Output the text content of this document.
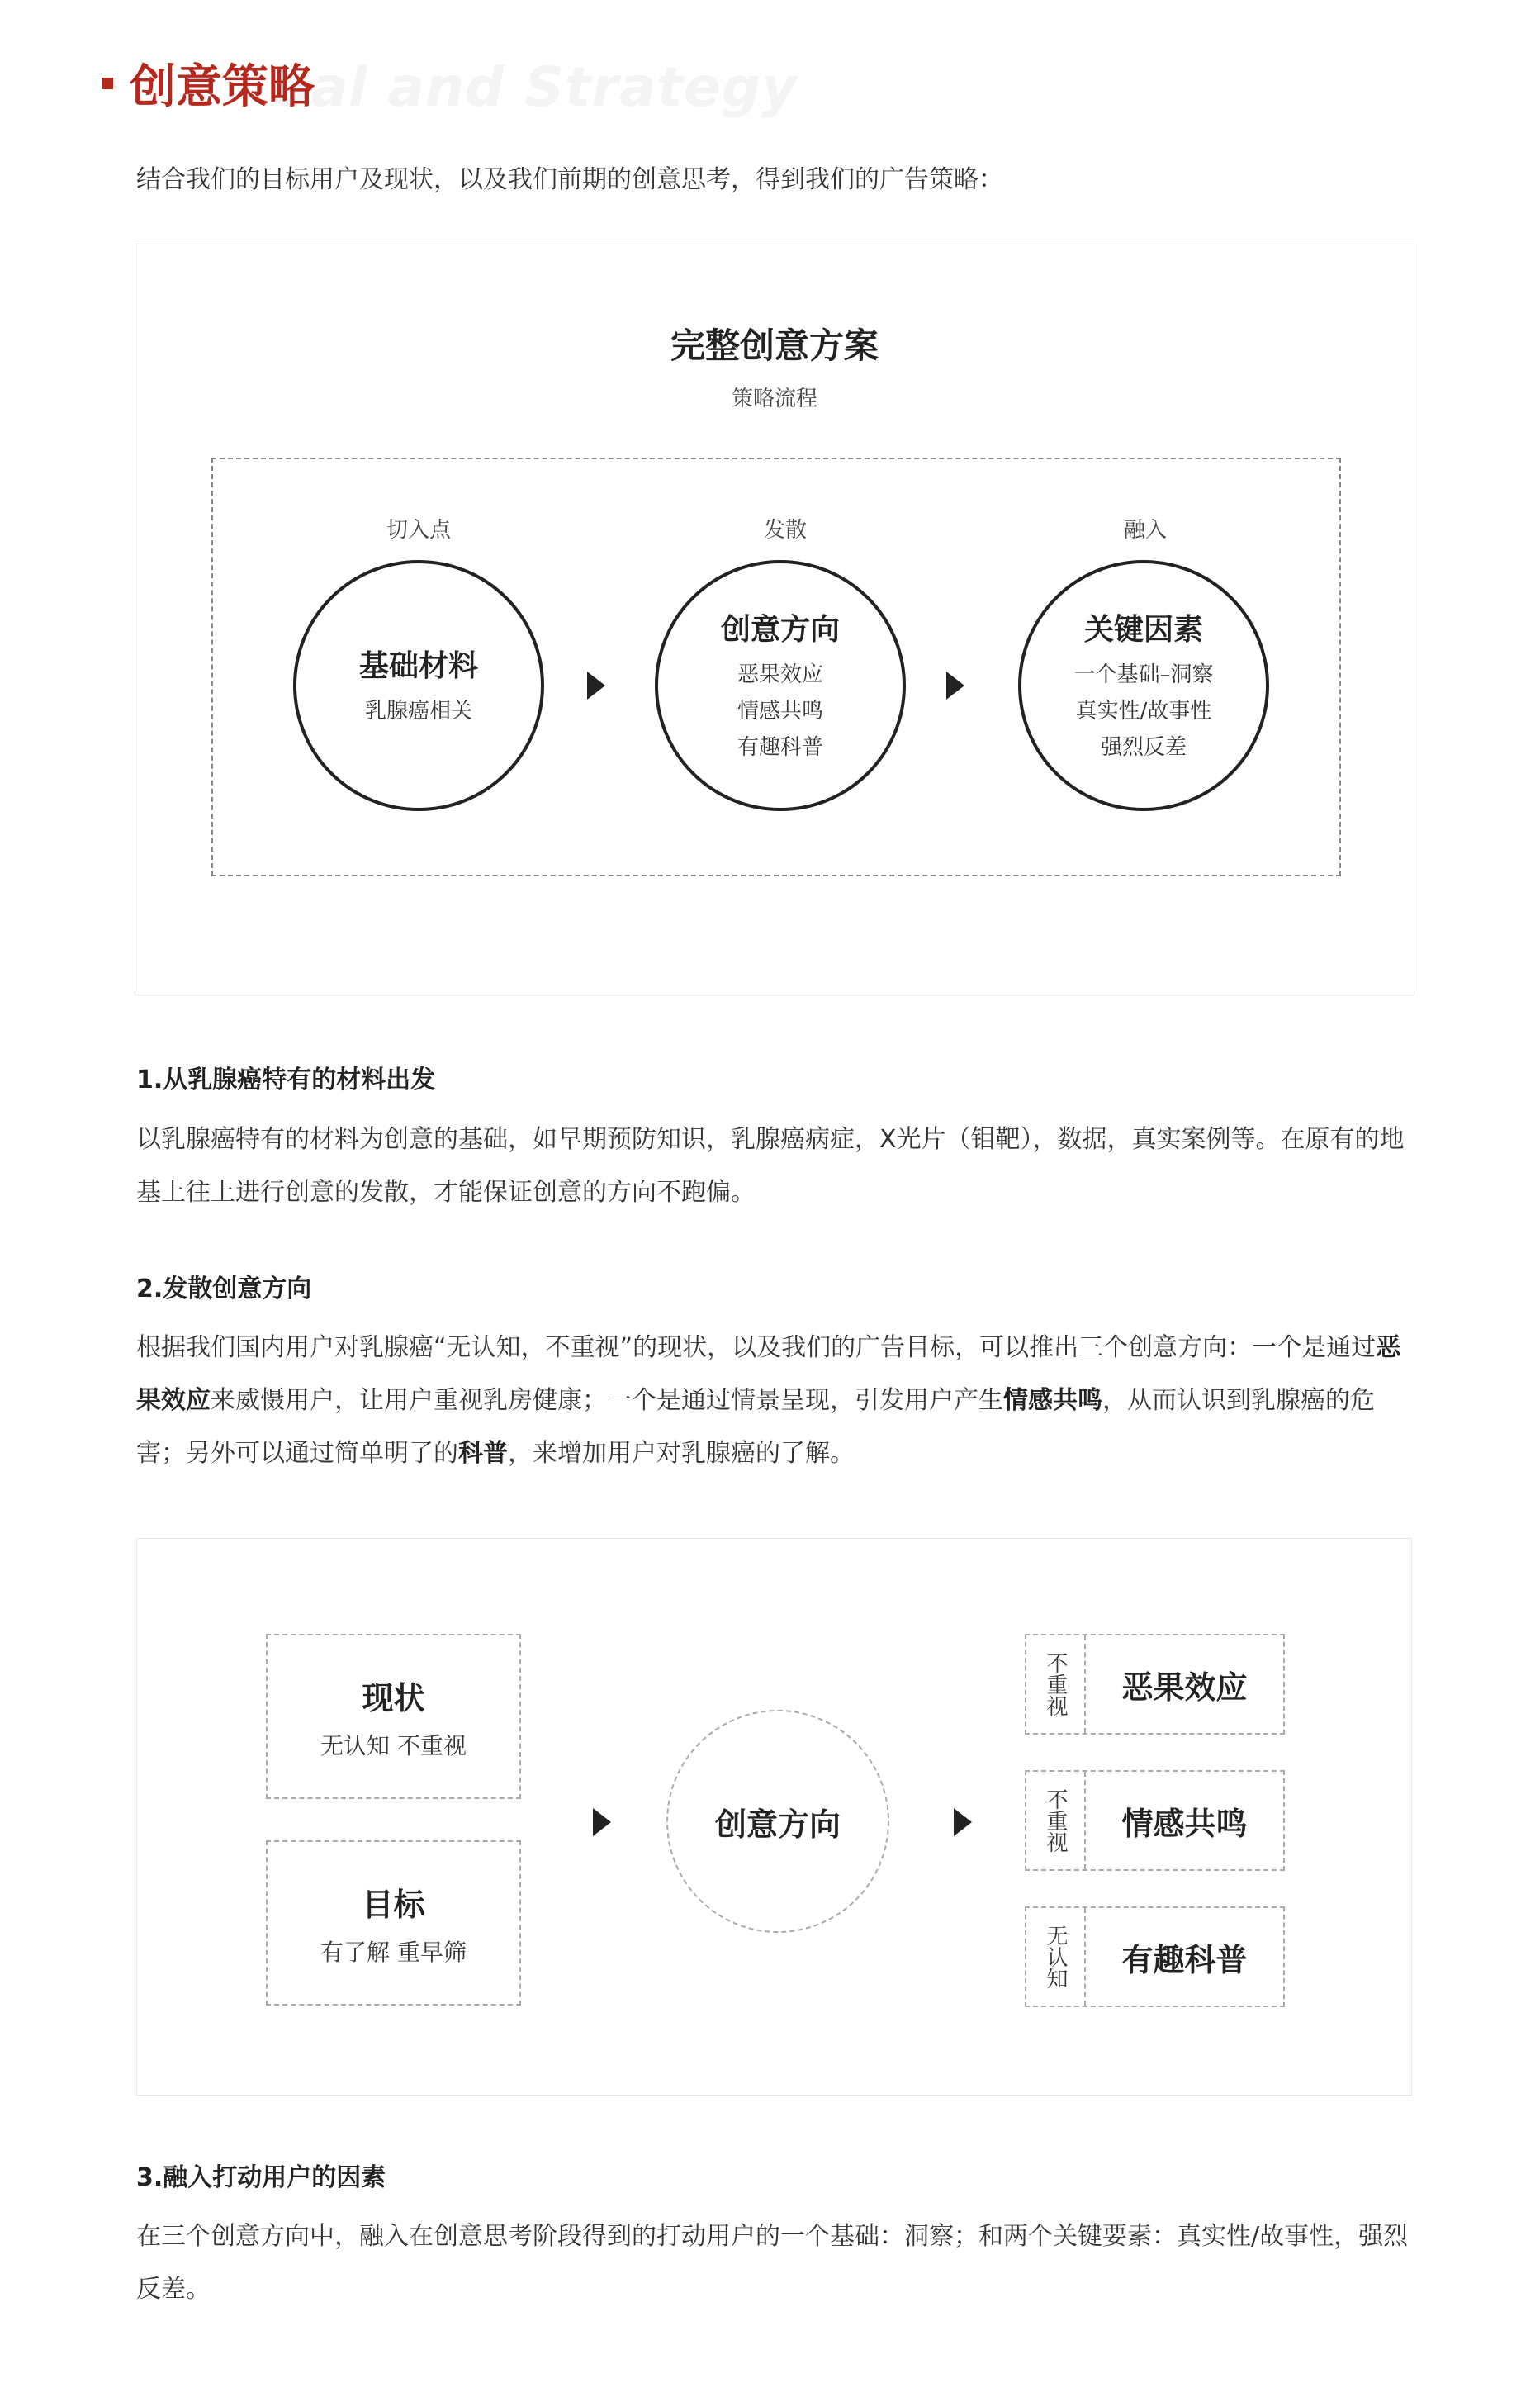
oal and Strategy
创意策略
结合我们的目标用户及现状，以及我们前期的创意思考，得到我们的广告策略：
完整创意方案
策略流程
切入点	发散	融入
基础材料
乳腺癌相关
创意方向
恶果效应
情感共鸣
有趣科普
关键因素
一个基础–洞察
真实性/故事性
强烈反差
1.从乳腺癌特有的材料出发
以乳腺癌特有的材料为创意的基础，如早期预防知识，乳腺癌病症，X光片（钼靶），数据，真实案例等。在原有的地基上往上进行创意的发散，才能保证创意的方向不跑偏。
2.发散创意方向
根据我们国内用户对乳腺癌“无认知，不重视”的现状，以及我们的广告目标，可以推出三个创意方向：一个是通过恶果效应来威慑用户，让用户重视乳房健康；一个是通过情景呈现，引发用户产生情感共鸣，从而认识到乳腺癌的危害；另外可以通过简单明了的科普，来增加用户对乳腺癌的了解。
现状
无认知 不重视
目标
有了解 重早筛
创意方向
不重视	恶果效应
不重视	情感共鸣
无认知	有趣科普
3.融入打动用户的因素
在三个创意方向中，融入在创意思考阶段得到的打动用户的一个基础：洞察；和两个关键要素：真实性/故事性，强烈反差。
